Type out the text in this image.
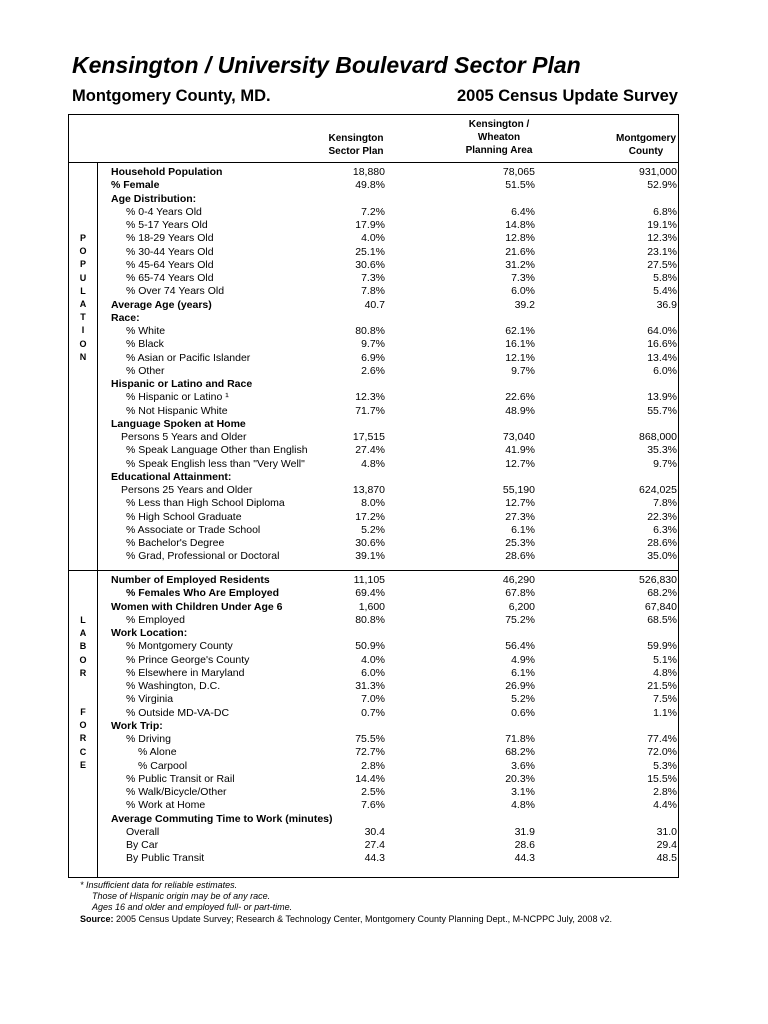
Kensington / University Boulevard Sector Plan
Montgomery County, MD.	2005 Census Update Survey
Kensington
Sector Plan
Kensington /
Wheaton
Planning Area
Montgomery
County
P
O
P
U
L
A
T
I
O
N
L
A
B
O
R
F
O
R
C
E
Household Population	18,880	78,065	931,000
% Female	49.8%	51.5%	52.9%
Age Distribution:
% 0-4 Years Old	7.2%	6.4%	6.8%
% 5-17 Years Old	17.9%	14.8%	19.1%
% 18-29 Years Old	4.0%	12.8%	12.3%
% 30-44 Years Old	25.1%	21.6%	23.1%
% 45-64 Years Old	30.6%	31.2%	27.5%
% 65-74 Years Old	7.3%	7.3%	5.8%
% Over 74 Years Old	7.8%	6.0%	5.4%
Average Age (years)	40.7	39.2	36.9
Race:
% White	80.8%	62.1%	64.0%
% Black	9.7%	16.1%	16.6%
% Asian or Pacific Islander	6.9%	12.1%	13.4%
% Other	2.6%	9.7%	6.0%
Hispanic or Latino and Race
% Hispanic or Latino ¹	12.3%	22.6%	13.9%
% Not Hispanic White	71.7%	48.9%	55.7%
Language Spoken at Home
Persons 5 Years and Older	17,515	73,040	868,000
% Speak Language Other than English	27.4%	41.9%	35.3%
% Speak English less than "Very Well"	4.8%	12.7%	9.7%
Educational Attainment:
Persons 25 Years and Older	13,870	55,190	624,025
% Less than High School Diploma	8.0%	12.7%	7.8%
% High School Graduate	17.2%	27.3%	22.3%
% Associate or Trade School	5.2%	6.1%	6.3%
% Bachelor's Degree	30.6%	25.3%	28.6%
% Grad, Professional or Doctoral	39.1%	28.6%	35.0%
Number of Employed Residents	11,105	46,290	526,830
% Females Who Are Employed	69.4%	67.8%	68.2%
Women with Children Under Age 6	1,600	6,200	67,840
% Employed	80.8%	75.2%	68.5%
Work Location:
% Montgomery County	50.9%	56.4%	59.9%
% Prince George's County	4.0%	4.9%	5.1%
% Elsewhere in Maryland	6.0%	6.1%	4.8%
% Washington, D.C.	31.3%	26.9%	21.5%
% Virginia	7.0%	5.2%	7.5%
% Outside MD-VA-DC	0.7%	0.6%	1.1%
Work Trip:
% Driving	75.5%	71.8%	77.4%
% Alone	72.7%	68.2%	72.0%
% Carpool	2.8%	3.6%	5.3%
% Public Transit or Rail	14.4%	20.3%	15.5%
% Walk/Bicycle/Other	2.5%	3.1%	2.8%
% Work at Home	7.6%	4.8%	4.4%
Average Commuting Time to Work (minutes)
Overall	30.4	31.9	31.0
By Car	27.4	28.6	29.4
By Public Transit	44.3	44.3	48.5
* Insufficient data for reliable estimates.
Those of Hispanic origin may be of any race.
Ages 16 and older and employed full- or part-time.
Source: 2005 Census Update Survey; Research & Technology Center, Montgomery County Planning Dept., M-NCPPC July, 2008 v2.
